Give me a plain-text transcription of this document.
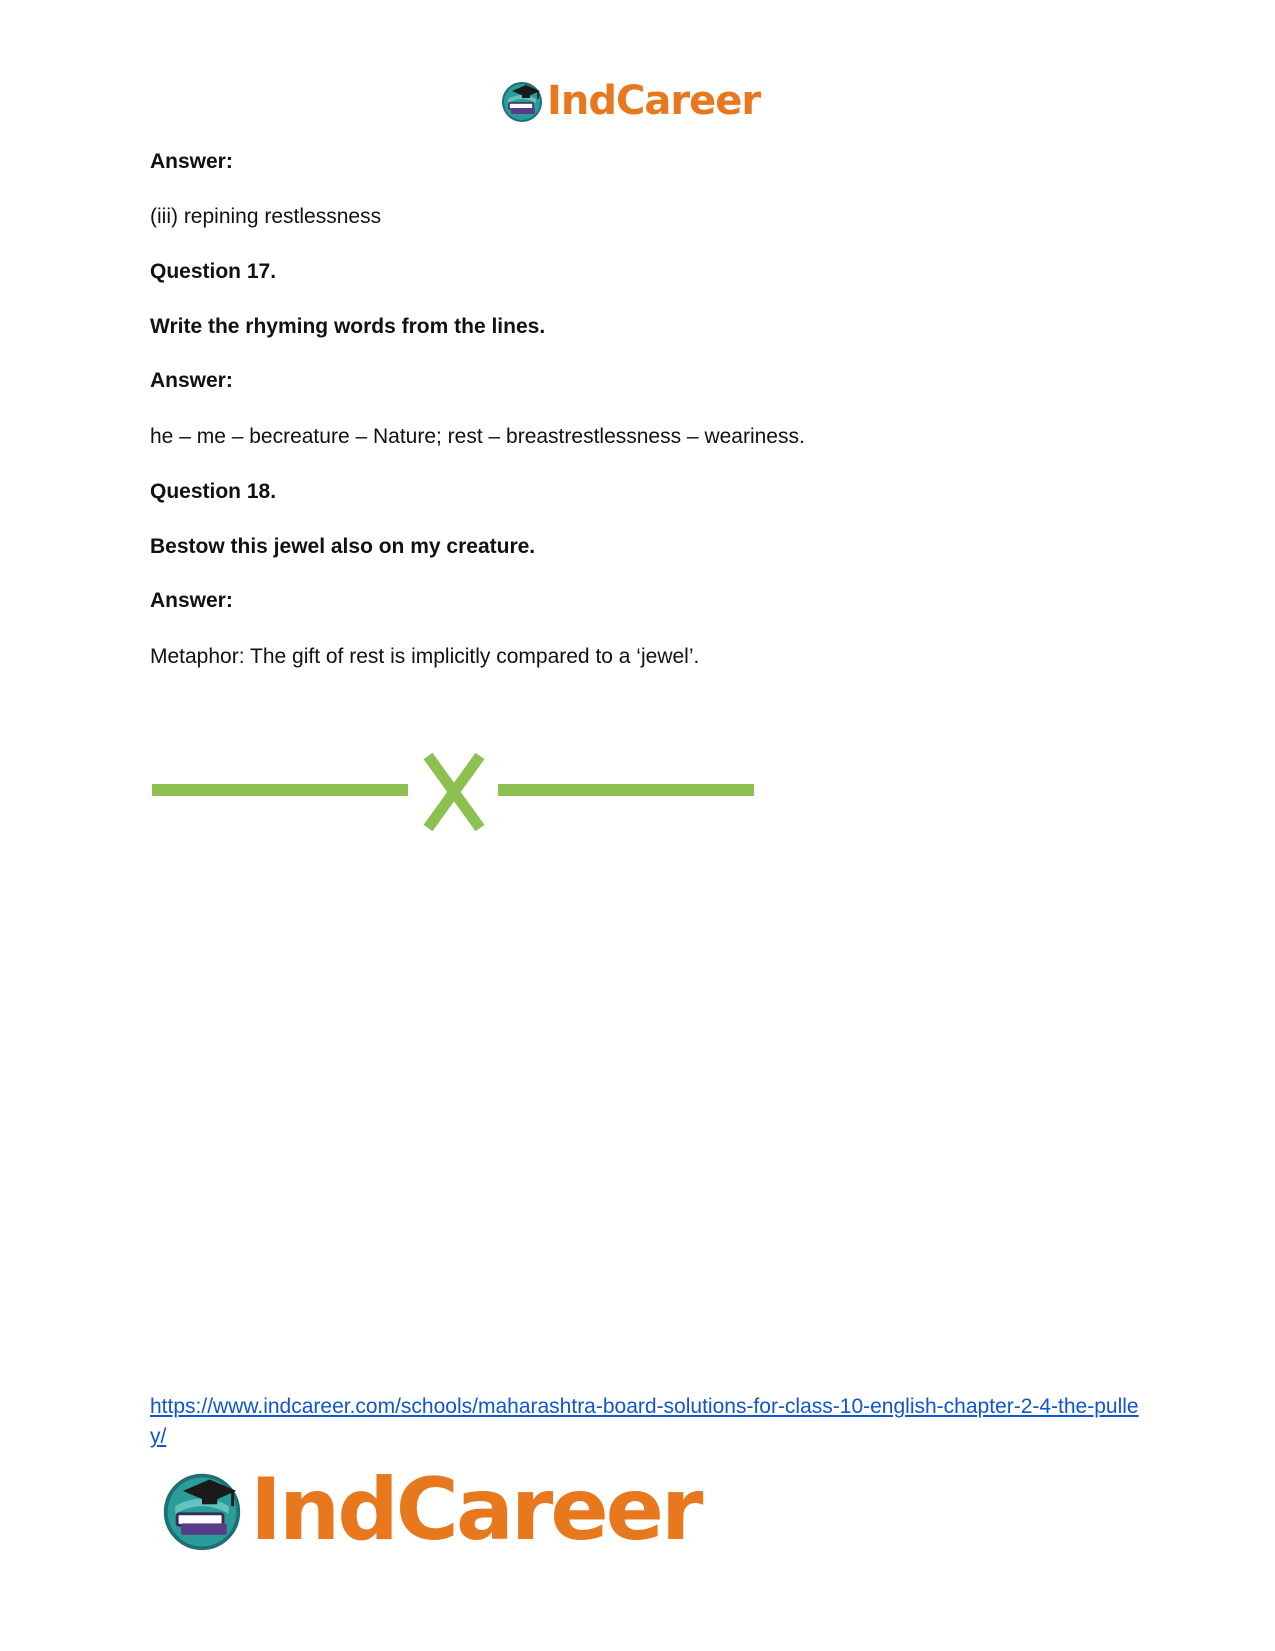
IndCareer
Answer:
(iii) repining restlessness
Question 17.
Write the rhyming words from the lines.
Answer:
he – me – becreature – Nature; rest – breastrestlessness – weariness.
Question 18.
Bestow this jewel also on my creature.
Answer:
Metaphor: The gift of rest is implicitly compared to a ‘jewel’.
https://www.indcareer.com/schools/maharashtra-board-solutions-for-class-10-english-chapter-2-4-the-pulley/
IndCareer
